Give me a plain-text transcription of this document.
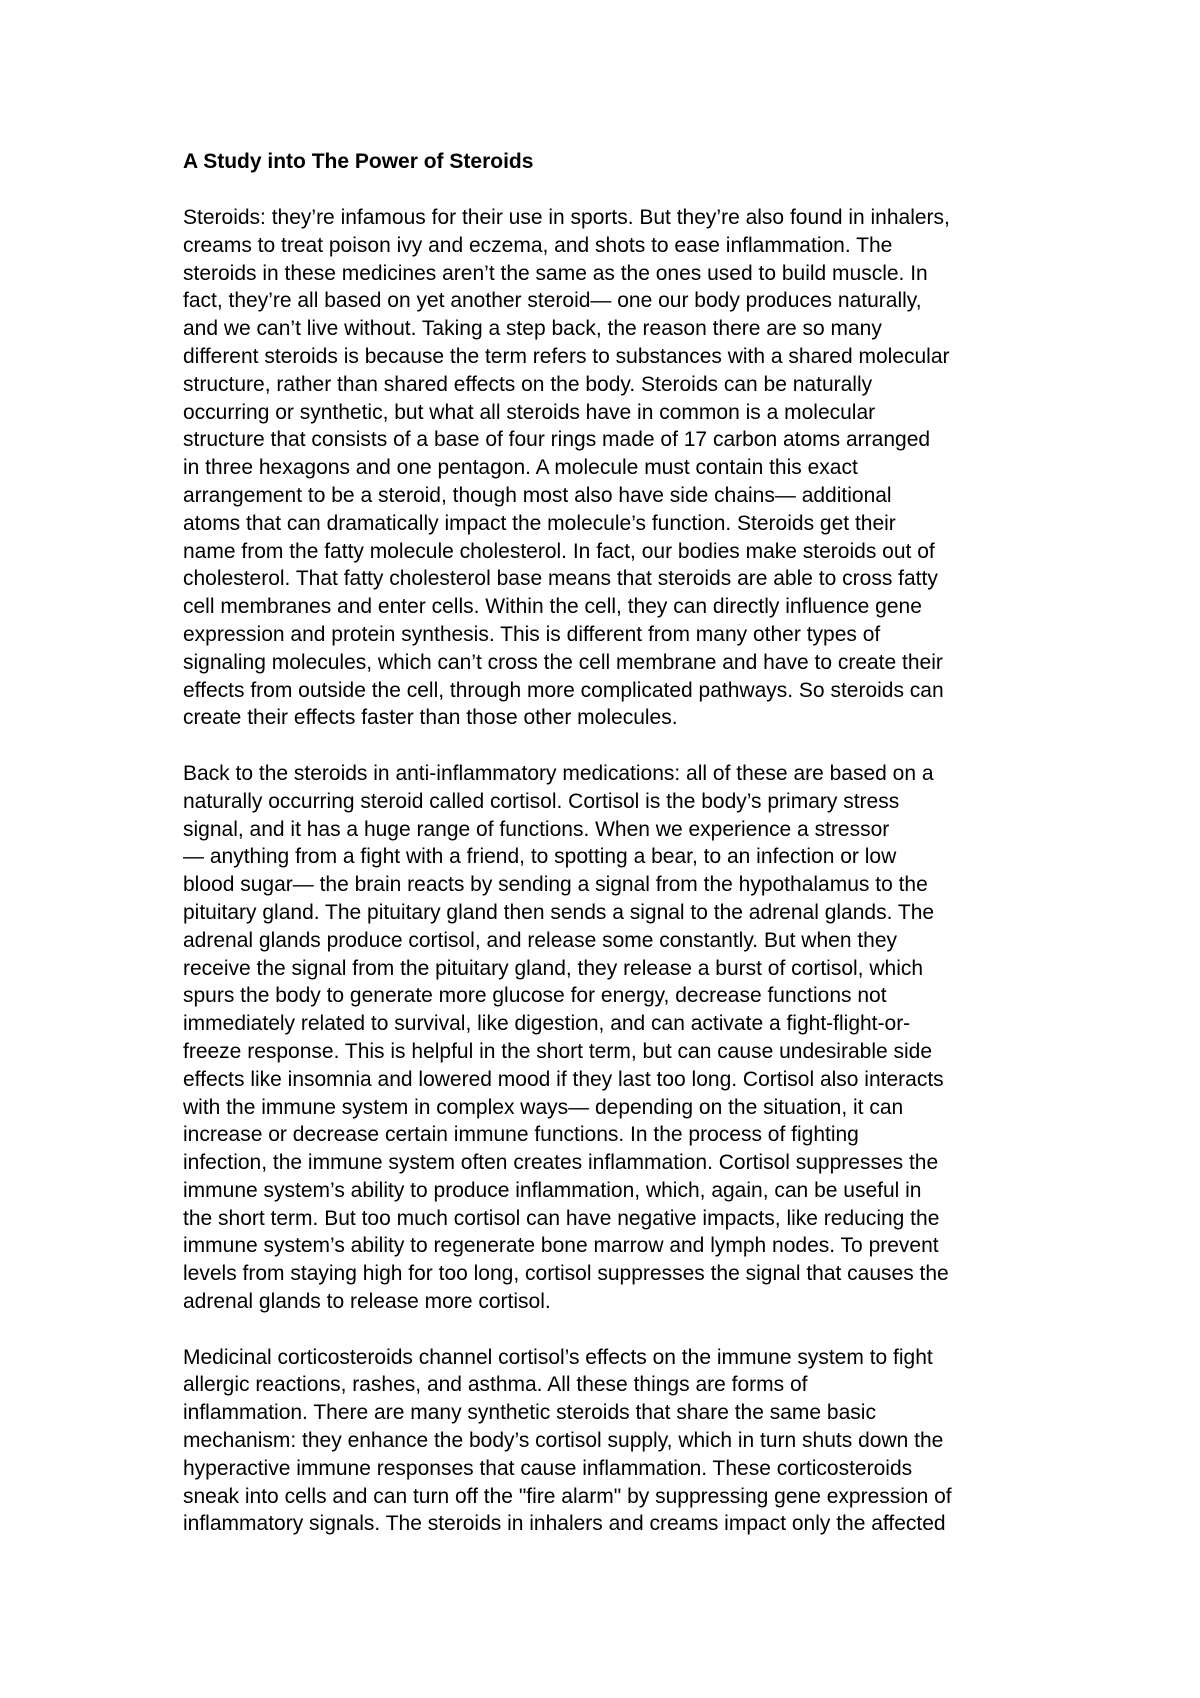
A Study into The Power of Steroids
Steroids: they’re infamous for their use in sports. But they’re also found in inhalers,
creams to treat poison ivy and eczema, and shots to ease inflammation. The
steroids in these medicines aren’t the same as the ones used to build muscle. In
fact, they’re all based on yet another steroid— one our body produces naturally,
and we can’t live without. Taking a step back, the reason there are so many
different steroids is because the term refers to substances with a shared molecular
structure, rather than shared effects on the body. Steroids can be naturally
occurring or synthetic, but what all steroids have in common is a molecular
structure that consists of a base of four rings made of 17 carbon atoms arranged
in three hexagons and one pentagon. A molecule must contain this exact
arrangement to be a steroid, though most also have side chains— additional
atoms that can dramatically impact the molecule’s function. Steroids get their
name from the fatty molecule cholesterol. In fact, our bodies make steroids out of
cholesterol. That fatty cholesterol base means that steroids are able to cross fatty
cell membranes and enter cells. Within the cell, they can directly influence gene
expression and protein synthesis. This is different from many other types of
signaling molecules, which can’t cross the cell membrane and have to create their
effects from outside the cell, through more complicated pathways. So steroids can
create their effects faster than those other molecules.
Back to the steroids in anti-inflammatory medications: all of these are based on a
naturally occurring steroid called cortisol. Cortisol is the body’s primary stress
signal, and it has a huge range of functions. When we experience a stressor
— anything from a fight with a friend, to spotting a bear, to an infection or low
blood sugar— the brain reacts by sending a signal from the hypothalamus to the
pituitary gland. The pituitary gland then sends a signal to the adrenal glands. The
adrenal glands produce cortisol, and release some constantly. But when they
receive the signal from the pituitary gland, they release a burst of cortisol, which
spurs the body to generate more glucose for energy, decrease functions not
immediately related to survival, like digestion, and can activate a fight-flight-or-
freeze response. This is helpful in the short term, but can cause undesirable side
effects like insomnia and lowered mood if they last too long. Cortisol also interacts
with the immune system in complex ways— depending on the situation, it can
increase or decrease certain immune functions. In the process of fighting
infection, the immune system often creates inflammation. Cortisol suppresses the
immune system’s ability to produce inflammation, which, again, can be useful in
the short term. But too much cortisol can have negative impacts, like reducing the
immune system’s ability to regenerate bone marrow and lymph nodes. To prevent
levels from staying high for too long, cortisol suppresses the signal that causes the
adrenal glands to release more cortisol.
Medicinal corticosteroids channel cortisol’s effects on the immune system to fight
allergic reactions, rashes, and asthma. All these things are forms of
inflammation. There are many synthetic steroids that share the same basic
mechanism: they enhance the body’s cortisol supply, which in turn shuts down the
hyperactive immune responses that cause inflammation. These corticosteroids
sneak into cells and can turn off the "fire alarm" by suppressing gene expression of
inflammatory signals. The steroids in inhalers and creams impact only the affected
